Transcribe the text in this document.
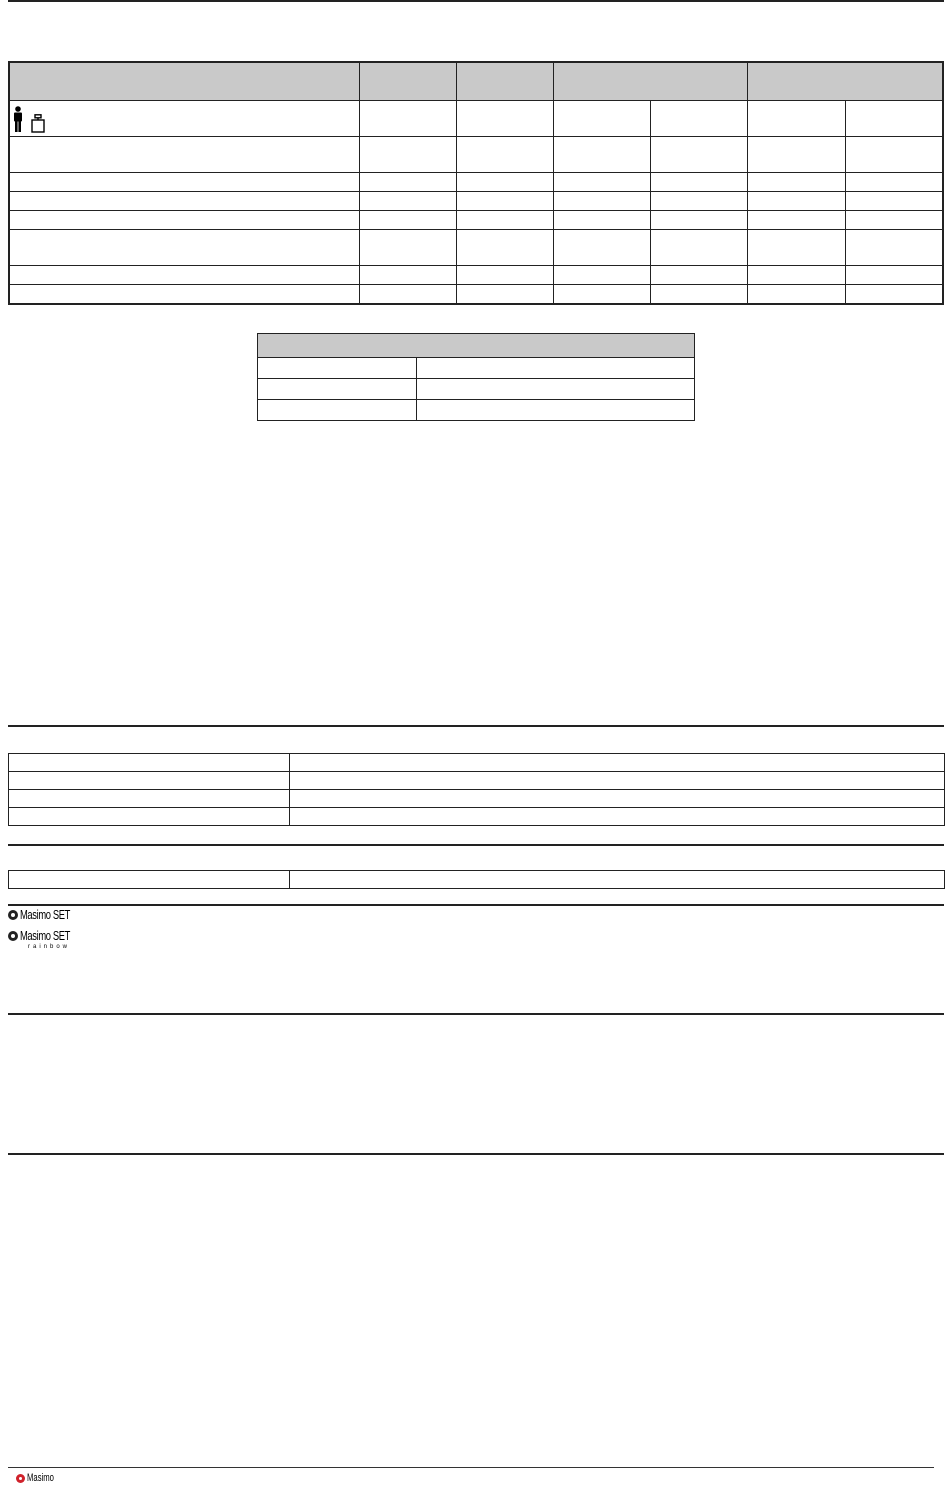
Masimo SET
Masimo SET
rainbow
Masimo
